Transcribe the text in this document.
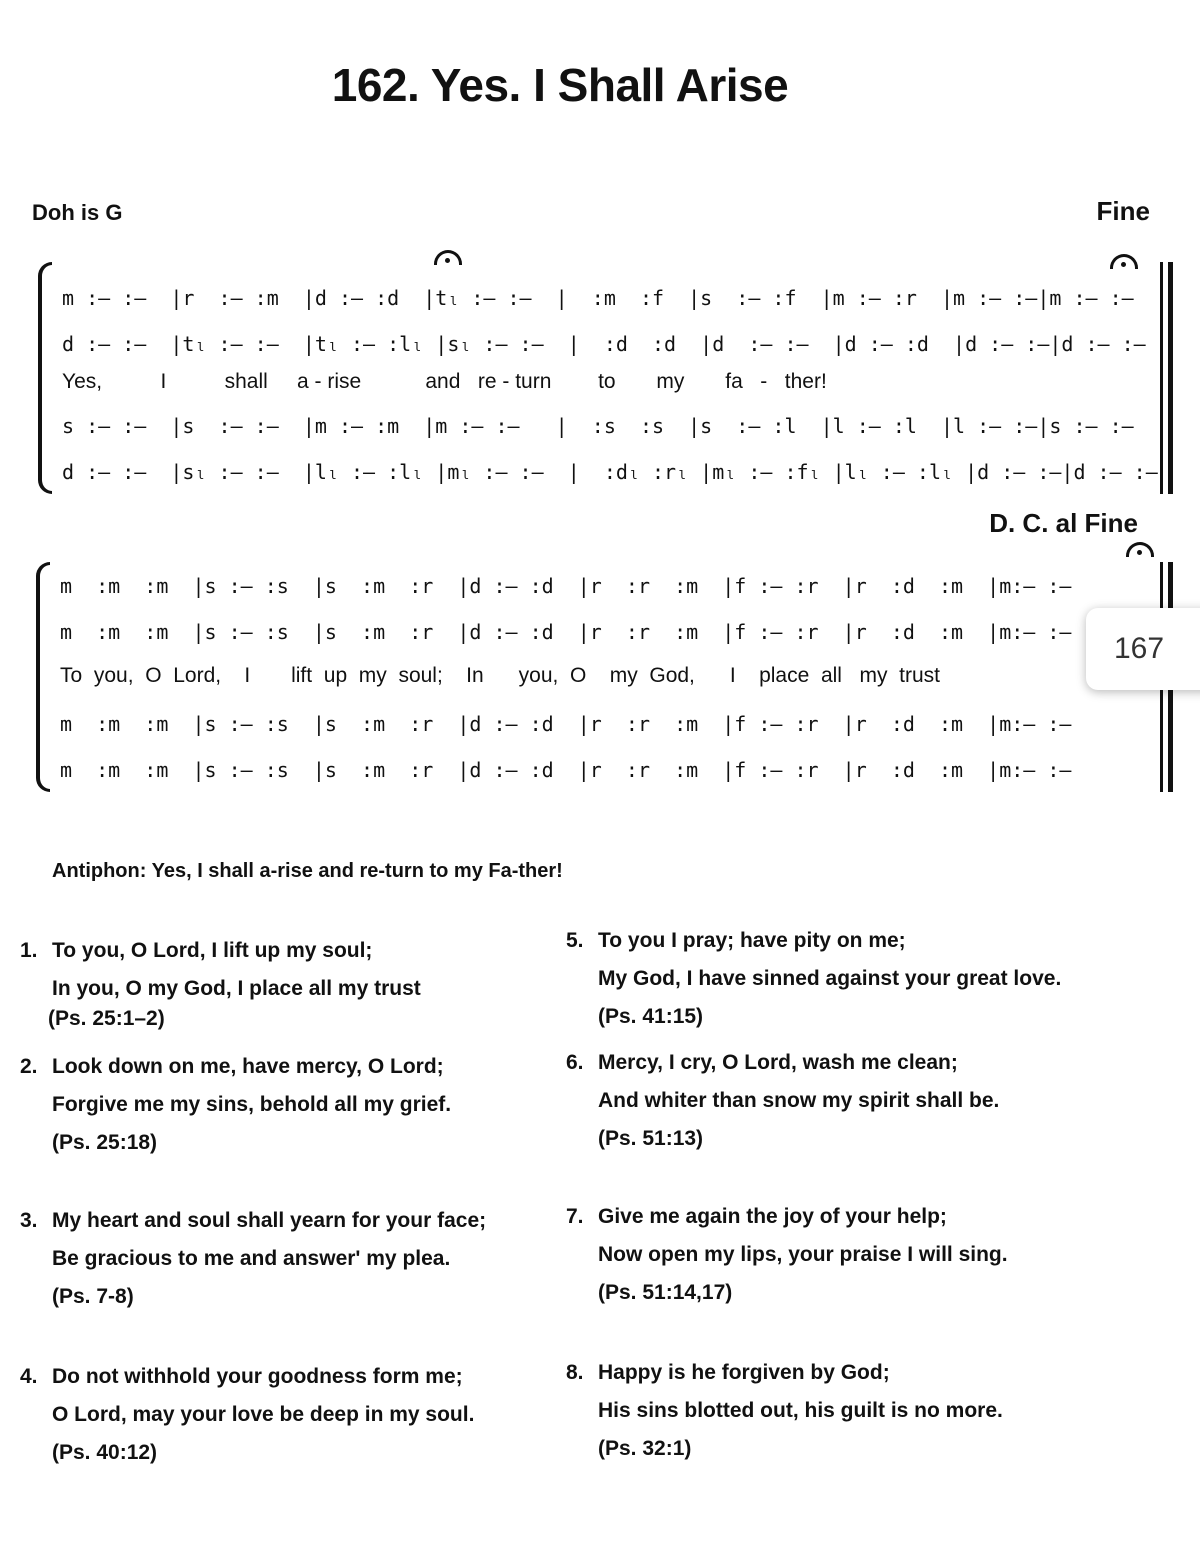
162. Yes. I Shall Arise
Doh is G	Fine
m :– :–  |r  :– :m  |d :– :d  |tₗ :– :–  |  :m  :f  |s  :– :f  |m :– :r  |m :– :–|m :– :–
d :– :–  |tₗ :– :–  |tₗ :– :lₗ |sₗ :– :–  |  :d  :d  |d  :– :–  |d :– :d  |d :– :–|d :– :–
Yes,          I          shall     a - rise           and   re - turn        to       my       fa   -   ther!
s :– :–  |s  :– :–  |m :– :m  |m :– :–   |  :s  :s  |s  :– :l  |l :– :l  |l :– :–|s :– :–
d :– :–  |sₗ :– :–  |lₗ :– :lₗ |mₗ :– :–  |  :dₗ :rₗ |mₗ :– :fₗ |lₗ :– :lₗ |d :– :–|d :– :–
D. C. al Fine
m  :m  :m  |s :– :s  |s  :m  :r  |d :– :d  |r  :r  :m  |f :– :r  |r  :d  :m  |m:– :–
m  :m  :m  |s :– :s  |s  :m  :r  |d :– :d  |r  :r  :m  |f :– :r  |r  :d  :m  |m:– :–
To  you,  O  Lord,    I       lift  up  my  soul;    In      you,  O    my  God,      I    place  all   my  trust
m  :m  :m  |s :– :s  |s  :m  :r  |d :– :d  |r  :r  :m  |f :– :r  |r  :d  :m  |m:– :–
m  :m  :m  |s :– :s  |s  :m  :r  |d :– :d  |r  :r  :m  |f :– :r  |r  :d  :m  |m:– :–
Antiphon: Yes, I shall a-rise and re-turn to my Fa-ther!
1. To you, O Lord, I lift up my soul;
In you, O my God, I place all my trust
(Ps. 25:1–2)
2. Look down on me, have mercy, O Lord;
Forgive me my sins, behold all my grief.
(Ps. 25:18)
3. My heart and soul shall yearn for your face;
Be gracious to me and answer' my plea.
(Ps. 7-8)
4. Do not withhold your goodness form me;
O Lord, may your love be deep in my soul.
(Ps. 40:12)
5. To you I pray; have pity on me;
My God, I have sinned against your great love.
(Ps. 41:15)
6. Mercy, I cry, O Lord, wash me clean;
And whiter than snow my spirit shall be.
(Ps. 51:13)
7. Give me again the joy of your help;
Now open my lips, your praise I will sing.
(Ps. 51:14,17)
8. Happy is he forgiven by God;
His sins blotted out, his guilt is no more.
(Ps. 32:1)
167
